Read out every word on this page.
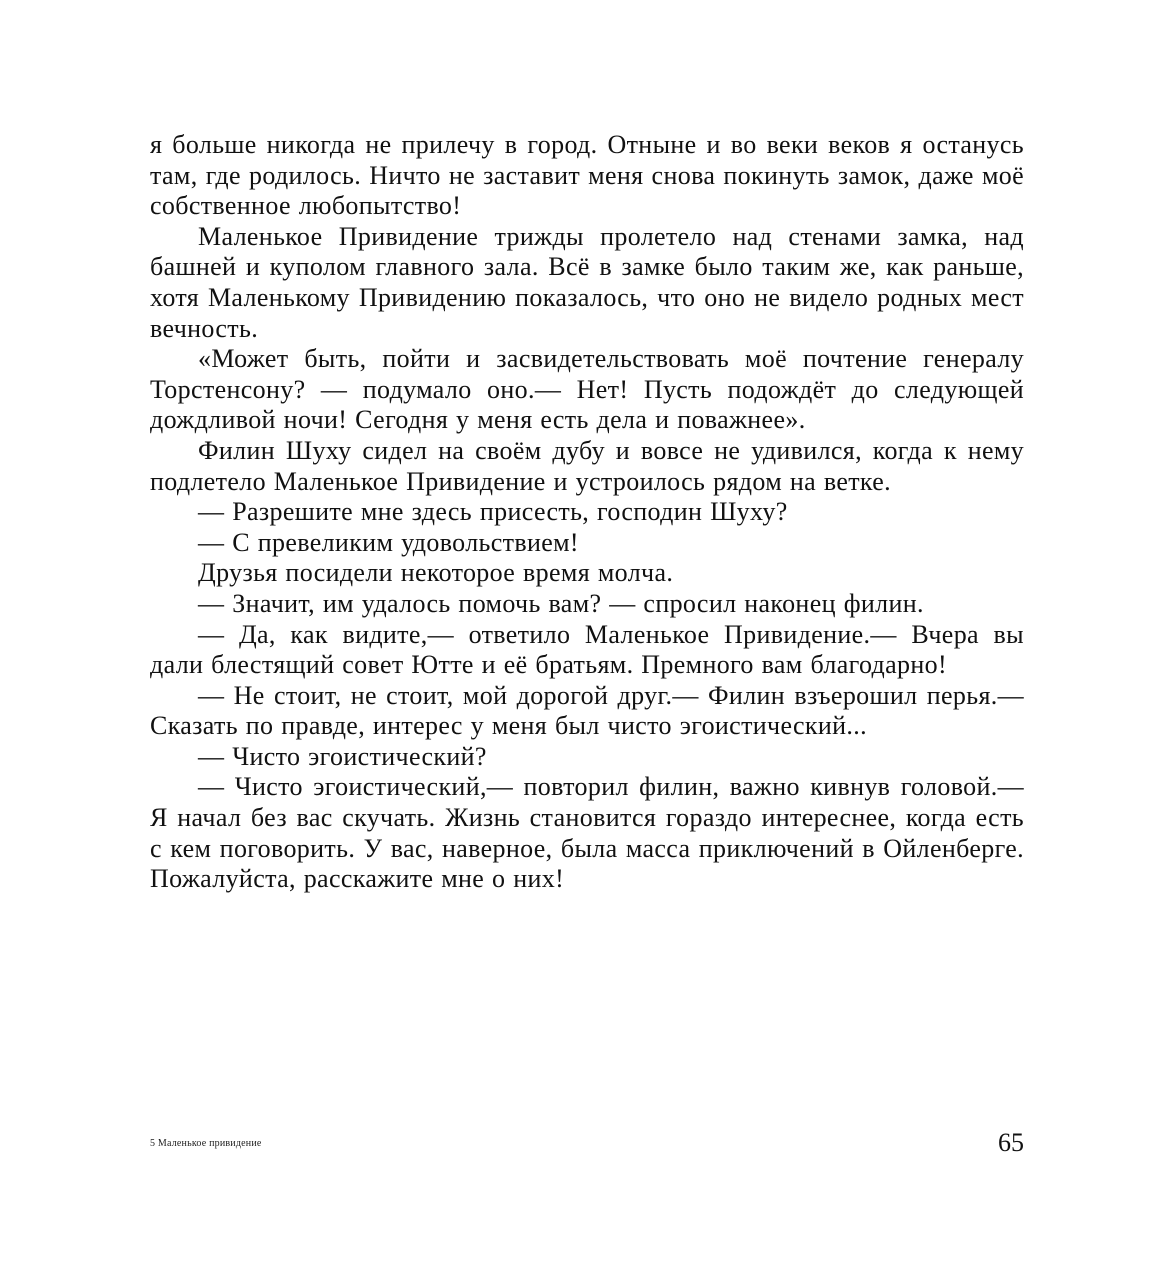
я больше никогда не прилечу в город. Отныне и во веки веков я останусь там, где родилось. Ничто не заставит меня снова покинуть замок, даже моё собственное любопытство!

Маленькое Привидение трижды пролетело над стенами замка, над башней и куполом главного зала. Всё в замке было таким же, как раньше, хотя Маленькому Привидению показалось, что оно не видело родных мест вечность.

«Может быть, пойти и засвидетельствовать моё почтение генералу Торстенсону? — подумало оно.— Нет! Пусть подождёт до следующей дождливой ночи! Сегодня у меня есть дела и поважнее».

Филин Шуху сидел на своём дубу и вовсе не удивился, когда к нему подлетело Маленькое Привидение и устроилось рядом на ветке.

— Разрешите мне здесь присесть, господин Шуху?

— С превеликим удовольствием!

Друзья посидели некоторое время молча.

— Значит, им удалось помочь вам? — спросил наконец филин.

— Да, как видите,— ответило Маленькое Привидение.— Вчера вы дали блестящий совет Ютте и её братьям. Премного вам благодарно!

— Не стоит, не стоит, мой дорогой друг.— Филин взъерошил перья.— Сказать по правде, интерес у меня был чисто эгоистический...

— Чисто эгоистический?

— Чисто эгоистический,— повторил филин, важно кивнув головой.— Я начал без вас скучать. Жизнь становится гораздо интереснее, когда есть с кем поговорить. У вас, наверное, была масса приключений в Ойленберге. Пожалуйста, расскажите мне о них!

5 Маленькое привидение	65
